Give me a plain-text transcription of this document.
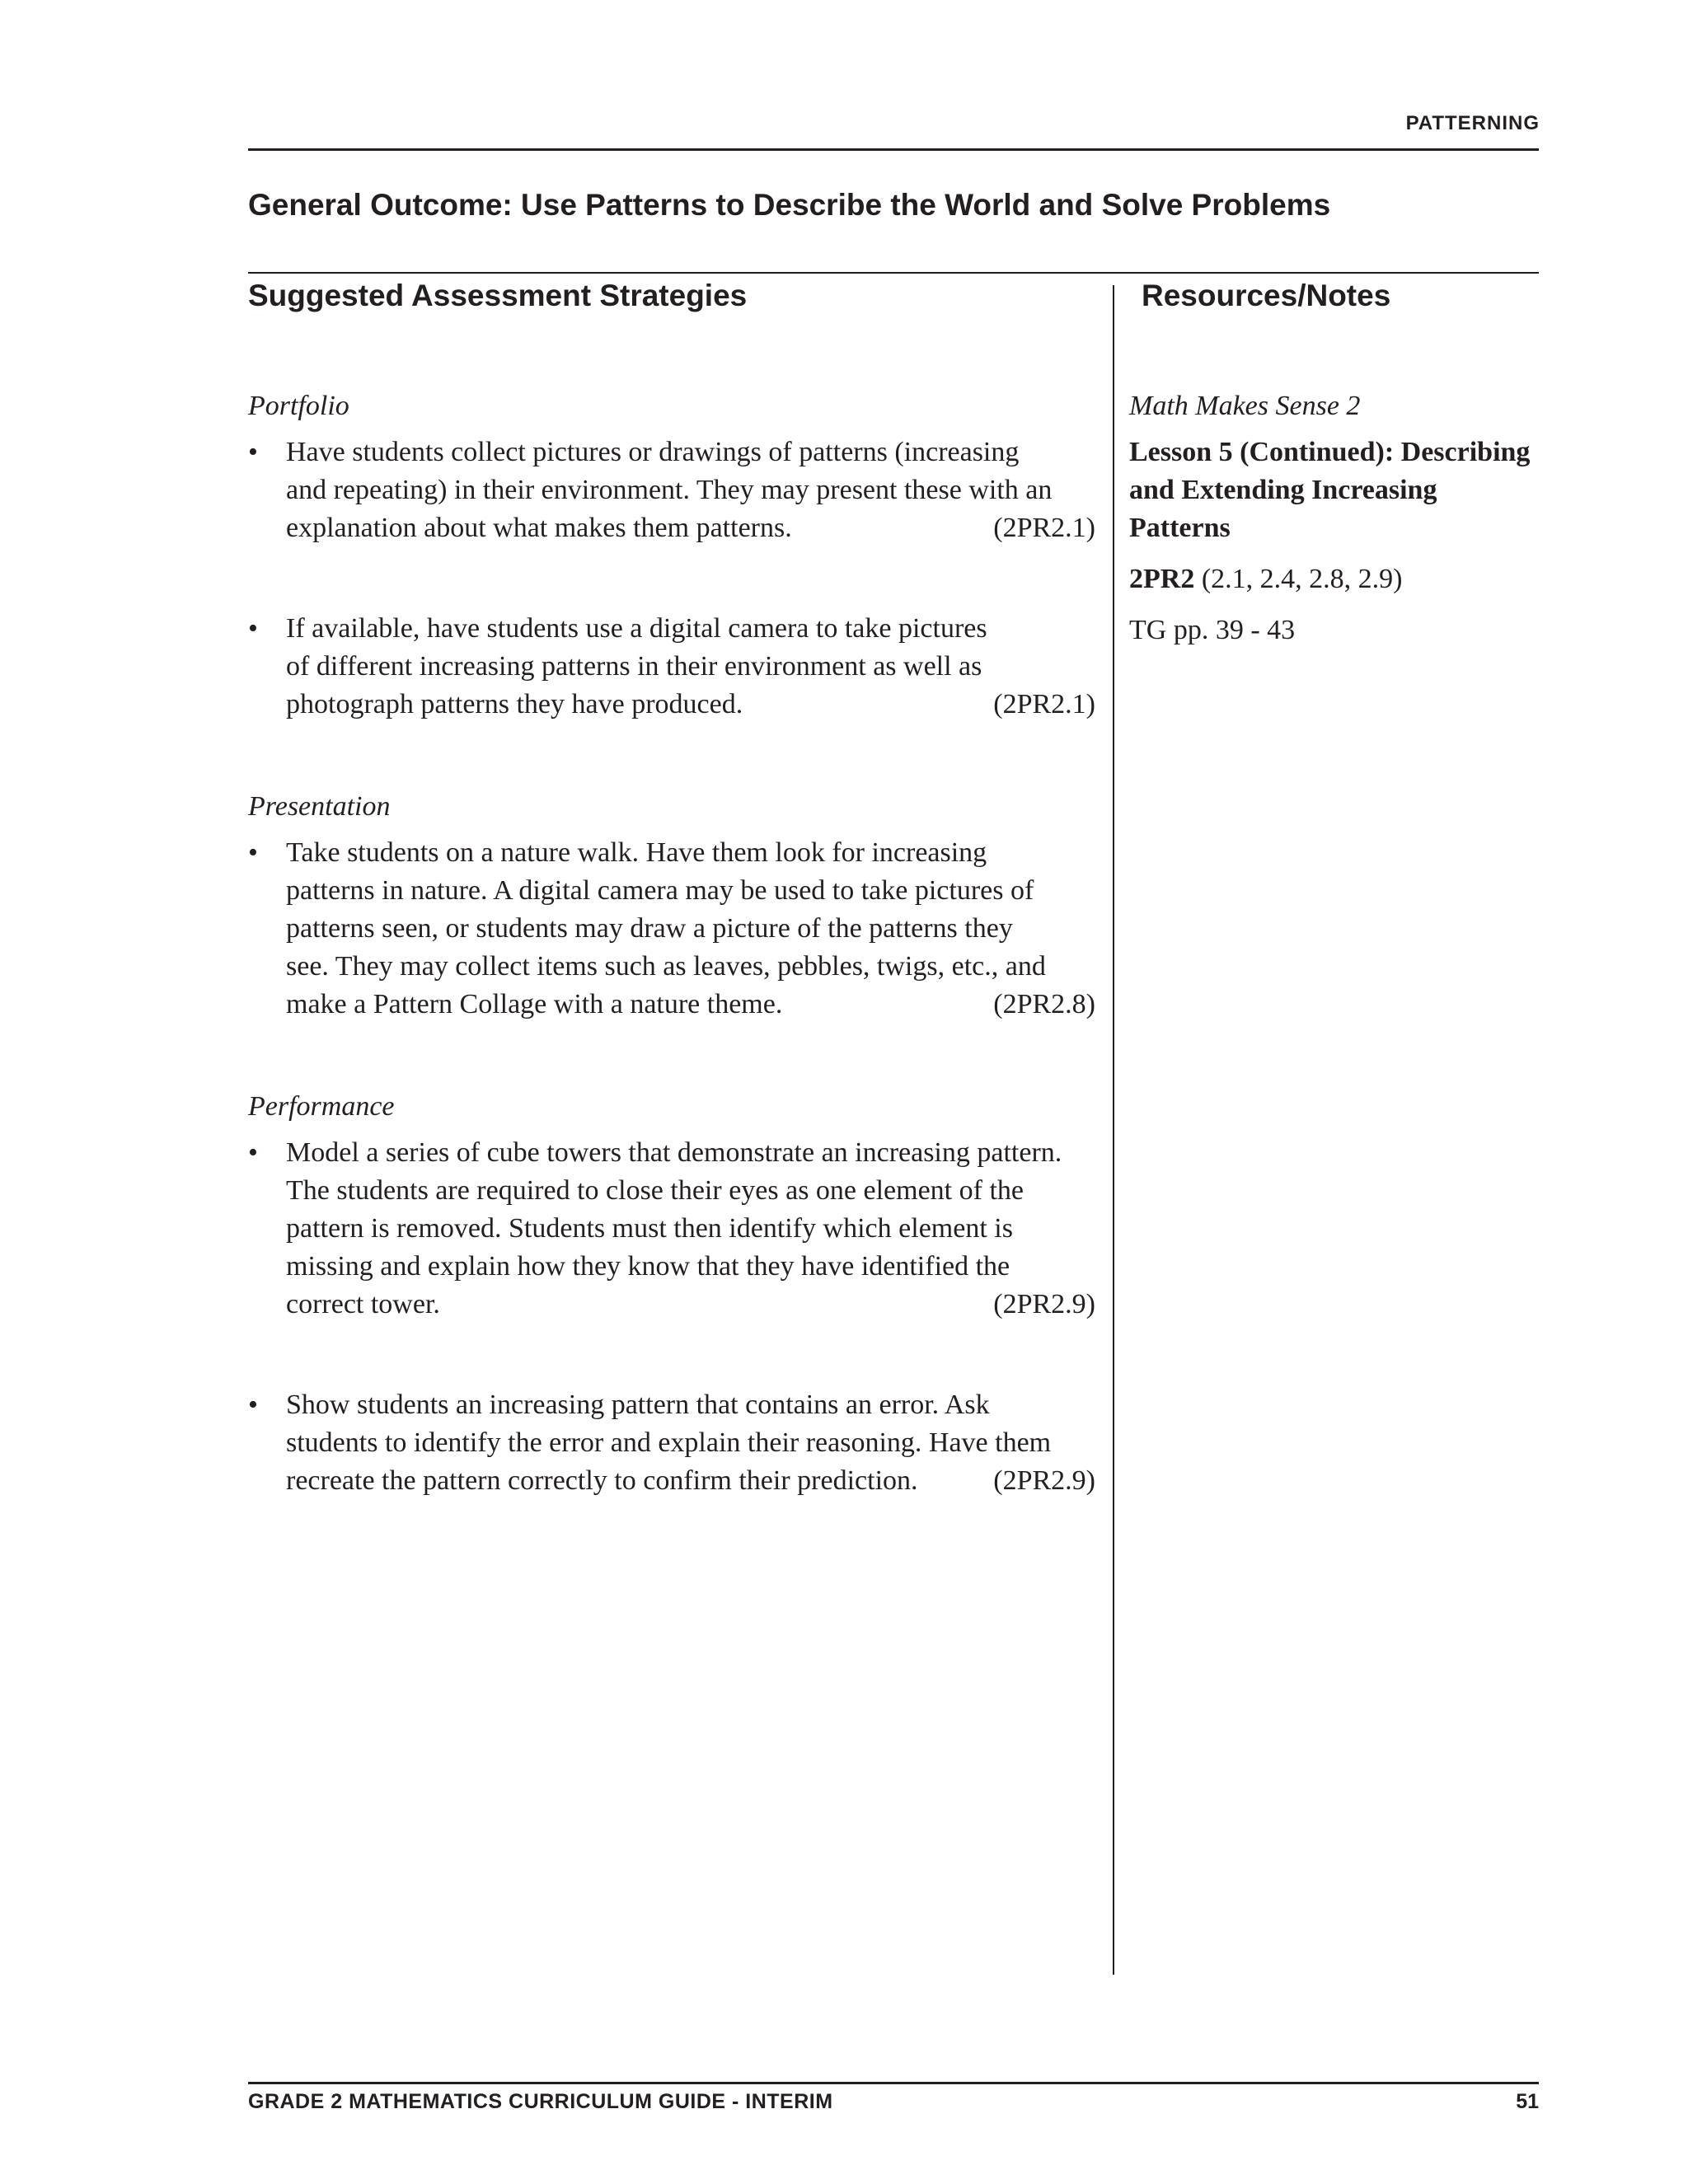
PATTERNING
General Outcome: Use Patterns to Describe the World and Solve Problems
Suggested Assessment Strategies	Resources/Notes

Portfolio

• Have students collect pictures or drawings of patterns (increasing
and repeating) in their environment. They may present these with an
explanation about what makes them patterns.	(2PR2.1)
• If available, have students use a digital camera to take pictures
of different increasing patterns in their environment as well as
photograph patterns they have produced.	(2PR2.1)

Presentation

• Take students on a nature walk. Have them look for increasing
patterns in nature. A digital camera may be used to take pictures of
patterns seen, or students may draw a picture of the patterns they
see. They may collect items such as leaves, pebbles, twigs, etc., and
make a Pattern Collage with a nature theme.	(2PR2.8)

Performance

• Model a series of cube towers that demonstrate an increasing pattern.
The students are required to close their eyes as one element of the
pattern is removed. Students must then identify which element is
missing and explain how they know that they have identified the
correct tower.	(2PR2.9)
• Show students an increasing pattern that contains an error. Ask
students to identify the error and explain their reasoning. Have them
recreate the pattern correctly to confirm their prediction.	(2PR2.9)

Math Makes Sense 2

Lesson 5 (Continued): Describing

and Extending Increasing

Patterns

2PR2 (2.1, 2.4, 2.8, 2.9)

TG pp. 39 - 43

GRADE 2 MATHEMATICS CURRICULUM GUIDE - INTERIM	51
